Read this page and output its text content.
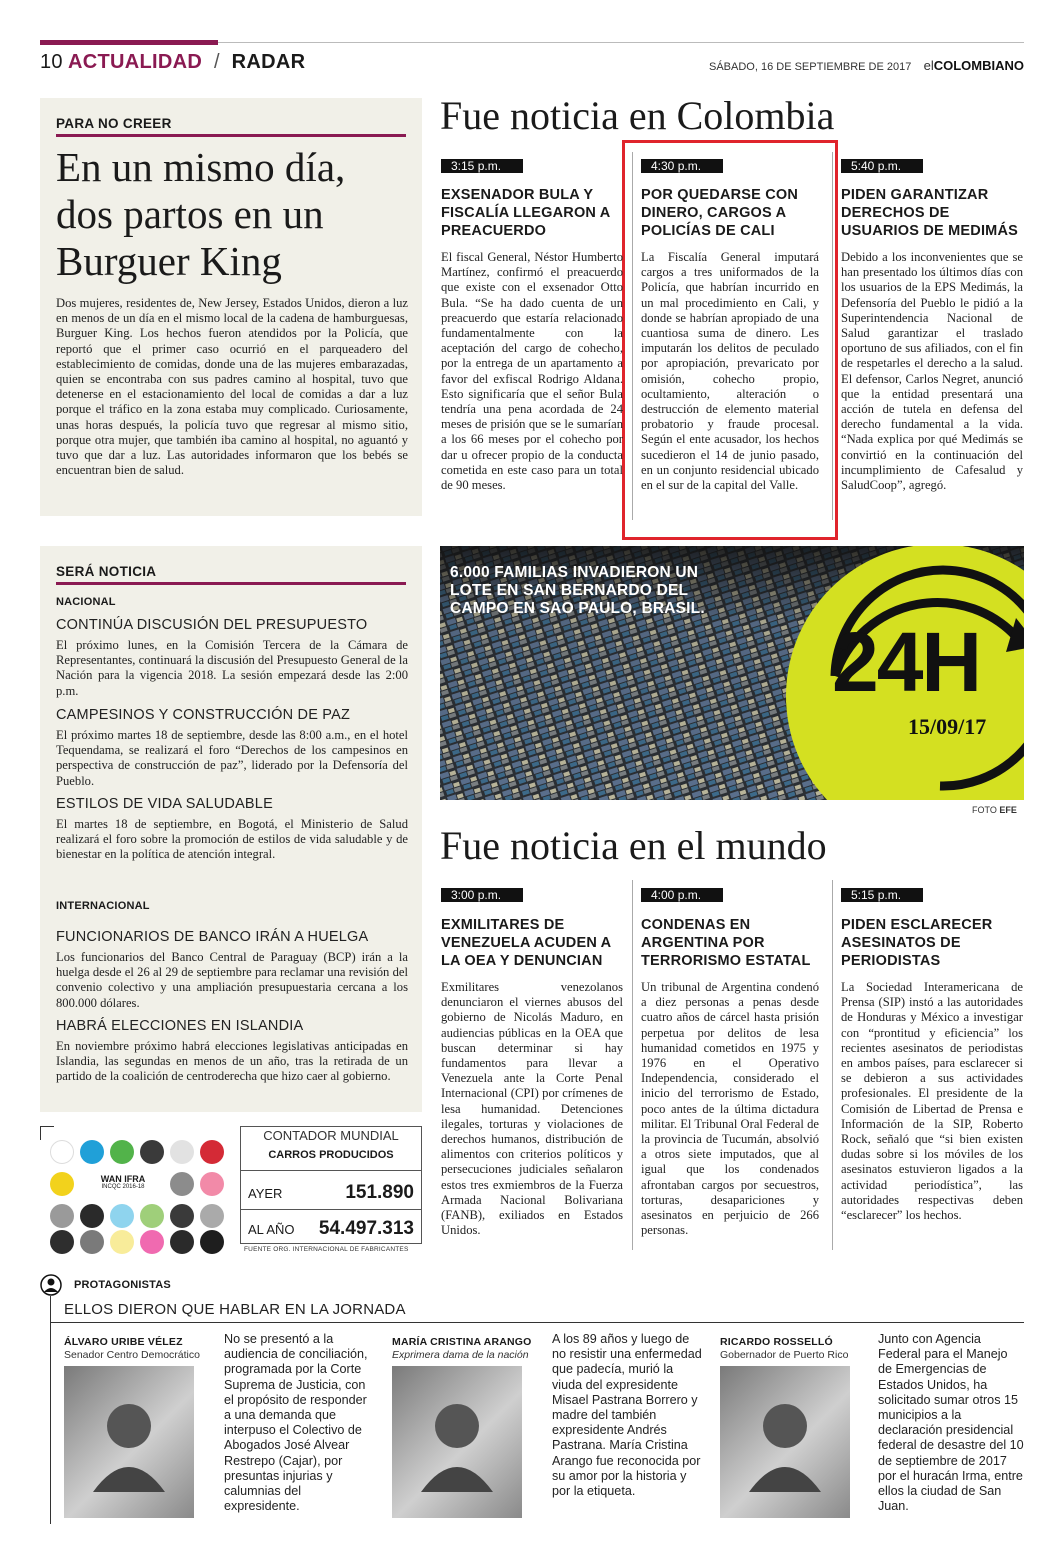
10 ACTUALIDAD / RADAR	SÁBADO, 16 DE SEPTIEMBRE DE 2017 elCOLOMBIANO
PARA NO CREER
En un mismo día, dos partos en un Burguer King
Dos mujeres, residentes de, New Jersey, Estados Unidos, dieron a luz en menos de un día en el mismo local de la cadena de hamburguesas, Burguer King. Los hechos fueron atendidos por la Policía, que reportó que el primer caso ocurrió en el parqueadero del establecimiento de comidas, donde una de las mujeres embarazadas, quien se encontraba con sus padres camino al hospital, tuvo que detenerse en el estacionamiento del local de comidas a dar a luz porque el tráfico en la zona estaba muy complicado. Curiosamente, unas horas después, la policía tuvo que regresar al mismo sitio, porque otra mujer, que también iba camino al hospital, no aguantó y tuvo que dar a luz. Las autoridades informaron que los bebés se encuentran bien de salud.
Fue noticia en Colombia
3:15 p.m.
EXSENADOR BULA Y FISCALÍA LLEGARON A PREACUERDO
El fiscal General, Néstor Humberto Martínez, confirmó el preacuerdo que existe con el exsenador Otto Bula. “Se ha dado cuenta de un preacuerdo que estaría relacionado fundamentalmente con la aceptación del cargo de cohecho, por la entrega de un apartamento a favor del exfiscal Rodrigo Aldana. Esto significaría que el señor Bula tendría una pena acordada de 24 meses de prisión que se le sumarían a los 66 meses por el cohecho por dar u ofrecer propio de la conducta cometida en este caso para un total de 90 meses.
4:30 p.m.
POR QUEDARSE CON DINERO, CARGOS A POLICÍAS DE CALI
La Fiscalía General imputará cargos a tres uniformados de la Policía, que habrían incurrido en un mal procedimiento en Cali, y donde se habrían apropiado de una cuantiosa suma de dinero. Les imputarán los delitos de peculado por apropiación, prevaricato por omisión, cohecho propio, ocultamiento, alteración o destrucción de elemento material probatorio y fraude procesal. Según el ente acusador, los hechos sucedieron el 14 de junio pasado, en un conjunto residencial ubicado en el sur de la capital del Valle.
5:40 p.m.
PIDEN GARANTIZAR DERECHOS DE USUARIOS DE MEDIMÁS
Debido a los inconvenientes que se han presentado los últimos días con los usuarios de la EPS Medimás, la Defensoría del Pueblo le pidió a la Superintendencia Nacional de Salud garantizar el traslado oportuno de sus afiliados, con el fin de respetarles el derecho a la salud. El defensor, Carlos Negret, anunció que la entidad presentará una acción de tutela en defensa del derecho fundamental a la vida. “Nada explica por qué Medimás se convirtió en la continuación del incumplimiento de Cafesalud y SaludCoop”, agregó.
SERÁ NOTICIA
NACIONAL
CONTINÚA DISCUSIÓN DEL PRESUPUESTO
El próximo lunes, en la Comisión Tercera de la Cámara de Representantes, continuará la discusión del Presupuesto General de la Nación para la vigencia 2018. La sesión empezará desde las 2:00 p.m.
CAMPESINOS Y CONSTRUCCIÓN DE PAZ
El próximo martes 18 de septiembre, desde las 8:00 a.m., en el hotel Tequendama, se realizará el foro “Derechos de los campesinos en perspectiva de construcción de paz”, liderado por la Defensoría del Pueblo.
ESTILOS DE VIDA SALUDABLE
El martes 18 de septiembre, en Bogotá, el Ministerio de Salud realizará el foro sobre la promoción de estilos de vida saludable y de bienestar en la política de atención integral.
INTERNACIONAL
FUNCIONARIOS DE BANCO IRÁN A HUELGA
Los funcionarios del Banco Central de Paraguay (BCP) irán a la huelga desde el 26 al 29 de septiembre para reclamar una revisión del convenio colectivo y una ampliación presupuestaria cercana a los 800.000 dólares.
HABRÁ ELECCIONES EN ISLANDIA
En noviembre próximo habrá elecciones legislativas anticipadas en Islandia, las segundas en menos de un año, tras la retirada de un partido de la coalición de centroderecha que hizo caer al gobierno.
6.000 FAMILIAS INVADIERON UN LOTE EN SAN BERNARDO DEL CAMPO EN SAO PAULO, BRASIL.
24H
15/09/17
FOTO EFE
Fue noticia en el mundo
3:00 p.m.
EXMILITARES DE VENEZUELA ACUDEN A LA OEA Y DENUNCIAN
Exmilitares venezolanos denunciaron el viernes abusos del gobierno de Nicolás Maduro, en audiencias públicas en la OEA que buscan determinar si hay fundamentos para llevar a Venezuela ante la Corte Penal Internacional (CPI) por crímenes de lesa humanidad. Detenciones ilegales, torturas y violaciones de derechos humanos, distribución de alimentos con criterios políticos y persecuciones judiciales señalaron estos tres exmiembros de la Fuerza Armada Nacional Bolivariana (FANB), exiliados en Estados Unidos.
4:00 p.m.
CONDENAS EN ARGENTINA POR TERRORISMO ESTATAL
Un tribunal de Argentina condenó a diez personas a penas desde cuatro años de cárcel hasta prisión perpetua por delitos de lesa humanidad cometidos en 1975 y 1976 en el Operativo Independencia, considerado el inicio del terrorismo de Estado, poco antes de la última dictadura militar. El Tribunal Oral Federal de la provincia de Tucumán, absolvió a otros siete imputados, que al igual que los condenados afrontaban cargos por secuestros, torturas, desapariciones y asesinatos en perjuicio de 266 personas.
5:15 p.m.
PIDEN ESCLARECER ASESINATOS DE PERIODISTAS
La Sociedad Interamericana de Prensa (SIP) instó a las autoridades de Honduras y México a investigar con “prontitud y eficiencia” los recientes asesinatos de periodistas en ambos países, para esclarecer si se debieron a sus actividades profesionales. El presidente de la Comisión de Libertad de Prensa e Información de la SIP, Roberto Rock, señaló que “si bien existen dudas sobre si los móviles de los asesinatos estuvieron ligados a la actividad periodística”, las autoridades respectivas deben “esclarecer” los hechos.
WAN IFRA
INCQC 2016-18
CONTADOR MUNDIAL
CARROS PRODUCIDOS
AYER	151.890
AL AÑO 54.497.313
FUENTE ORG. INTERNACIONAL DE FABRICANTES
PROTAGONISTAS
ELLOS DIERON QUE HABLAR EN LA JORNADA
ÁLVARO URIBE VÉLEZ
Senador Centro Democrático
No se presentó a la audiencia de conciliación, programada por la Corte Suprema de Justicia, con el propósito de responder a una demanda que interpuso el Colectivo de Abogados José Alvear Restrepo (Cajar), por presuntas injurias y calumnias del expresidente.
MARÍA CRISTINA ARANGO
Exprimera dama de la nación
A los 89 años y luego de no resistir una enfermedad que padecía, murió la viuda del expresidente Misael Pastrana Borrero y madre del también expresidente Andrés Pastrana. María Cristina Arango fue reconocida por su amor por la historia y por la etiqueta.
RICARDO ROSSELLÓ
Gobernador de Puerto Rico
Junto con Agencia Federal para el Manejo de Emergencias de Estados Unidos, ha solicitado sumar otros 15 municipios a la declaración presidencial federal de desastre del 10 de septiembre de 2017 por el huracán Irma, entre ellos la ciudad de San Juan.
